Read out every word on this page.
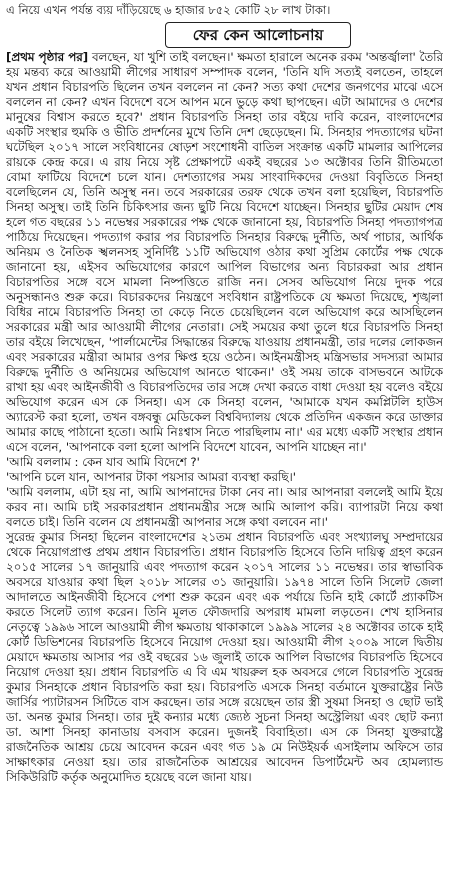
এ নিয়ে এখন পর্যন্ত ব্যয় দাঁড়িয়েছে ৬ হাজার ৮৫২ কোটি ২৮ লাখ টাকা।
ফের কেন আলোচনায়

[প্রথম পৃষ্ঠার পর] বলছেন, যা খুশি তাই বলছেন।' ক্ষমতা হারালে অনেক রকম 'অন্তর্জ্বালা' তৈরি হয় মন্তব্য করে আওয়ামী লীগের সাধারণ সম্পাদক বলেন, 'তিনি যদি সত্যই বলতেন, তাহলে যখন প্রধান বিচারপতি ছিলেন তখন বললেন না কেন? সত্য কথা দেশের জনগণের মাঝে এসে বললেন না কেন? এখন বিদেশে বসে আপন মনে ভুড়ে কথা ছাপছেন। এটা আমাদের ও দেশের মানুষের বিশ্বাস করতে হবে?' প্রধান বিচারপতি সিনহা তার বইয়ে দাবি করেন, বাংলাদেশের একটি সংস্থার হুমকি ও ভীতি প্রদর্শনের মুখে তিনি দেশ ছেড়েছেন। মি. সিনহার পদত্যাগের ঘটনা ঘটেছিল ২০১৭ সালে সংবিধানের ষোড়শ সংশোধনী বাতিল সংক্রান্ত একটি মামলার আপিলের রায়কে কেন্দ্র করে। এ রায় নিয়ে সৃষ্ট প্রেক্ষাপটে একই বছরের ১৩ অক্টোবর তিনি রীতিমতো বোমা ফাটিয়ে বিদেশে চলে যান। দেশত্যাগের সময় সাংবাদিকদের দেওয়া বিবৃতিতে সিনহা বলেছিলেন যে, তিনি অসুস্থ নন। তবে সরকারের তরফ থেকে তখন বলা হয়েছিল, বিচারপতি সিনহা অসুস্থ। তাই তিনি চিকিৎসার জন্য ছুটি নিয়ে বিদেশে যাচ্ছেন। সিনহার ছুটির মেয়াদ শেষ হলে গত বছরের ১১ নভেম্বর সরকারের পক্ষ থেকে জানানো হয়, বিচারপতি সিনহা পদত্যাগপত্র পাঠিয়ে দিয়েছেন। পদত্যাগ করার পর বিচারপতি সিনহার বিরুদ্ধে দুর্নীতি, অর্থ পাচার, আর্থিক অনিয়ম ও নৈতিক স্খলনসহ সুনির্দিষ্ট ১১টি অভিযোগ ওঠার কথা সুপ্রিম কোর্টের পক্ষ থেকে জানানো হয়, এইসব অভিযোগের কারণে আপিল বিভাগের অন্য বিচারকরা আর প্রধান বিচারপতির সঙ্গে বসে মামলা নিষ্পত্তিতে রাজি নন। সেসব অভিযোগ নিয়ে দুদক পরে অনুসন্ধানও শুরু করে। বিচারকদের নিয়ন্ত্রণে সংবিধান রাষ্ট্রপতিকে যে ক্ষমতা দিয়েছে, শৃঙ্খলা বিধির নামে বিচারপতি সিনহা তা কেড়ে নিতে চেয়েছিলেন বলে অভিযোগ করে আসছিলেন সরকারের মন্ত্রী আর আওয়ামী লীগের নেতারা। সেই সময়ের কথা তুলে ধরে বিচারপতি সিনহা তার বইয়ে লিখেছেন, 'পার্লামেন্টের সিদ্ধান্তের বিরুদ্ধে যাওয়ায় প্রধানমন্ত্রী, তার দলের লোকজন এবং সরকারের মন্ত্রীরা আমার ওপর ক্ষিপ্ত হয়ে ওঠেন। আইনমন্ত্রীসহ মন্ত্রিসভার সদস্যরা আমার বিরুদ্ধে দুর্নীতি ও অনিয়মের অভিযোগ আনতে থাকেন।' ওই সময় তাকে বাসভবনে আটকে রাখা হয় এবং আইনজীবী ও বিচারপতিদের তার সঙ্গে দেখা করতে বাধা দেওয়া হয় বলেও বইয়ে অভিযোগ করেন এস কে সিনহা। এস কে সিনহা বলেন, 'আমাকে যখন কমপ্লিটলি হাউস অ্যারেস্ট করা হলো, তখন বঙ্গবন্ধু মেডিকেল বিশ্ববিদ্যালয় থেকে প্রতিদিন একজন করে ডাক্তার আমার কাছে পাঠানো হতো। আমি নিঃশ্বাস নিতে পারছিলাম না।' এর মধ্যে একটি সংস্থার প্রধান এসে বলেন, 'আপনাকে বলা হলো আপনি বিদেশে যাবেন, আপনি যাচ্ছেন না।'

'আমি বললাম : কেন যাব আমি বিদেশে ?'

'আপনি চলে যান, আপনার টাকা পয়সার আমরা ব্যবস্থা করছি।'

'আমি বললাম, এটা হয় না, আমি আপনাদের টাকা নেব না। আর আপনারা বললেই আমি ইয়ে করব না। আমি চাই সরকারপ্রধান প্রধানমন্ত্রীর সঙ্গে আমি আলাপ করি। ব্যাপারটা নিয়ে কথা বলতে চাই। তিনি বলেন যে প্রধানমন্ত্রী আপনার সঙ্গে কথা বলবেন না।'

সুরেন্দ্র কুমার সিনহা ছিলেন বাংলাদেশের ২১তম প্রধান বিচারপতি এবং সংখ্যালঘু সম্প্রদায়ের থেকে নিয়োগপ্রাপ্ত প্রথম প্রধান বিচারপতি। প্রধান বিচারপতি হিসেবে তিনি দায়িত্ব গ্রহণ করেন ২০১৫ সালের ১৭ জানুয়ারি এবং পদত্যাগ করেন ২০১৭ সালের ১১ নভেম্বর। তার স্বাভাবিক অবসরে যাওয়ার কথা ছিল ২০১৮ সালের ৩১ জানুয়ারি। ১৯৭৪ সালে তিনি সিলেট জেলা আদালতে আইনজীবী হিসেবে পেশা শুরু করেন এবং এক পর্যায়ে তিনি হাই কোর্টে প্র্যাকটিস করতে সিলেট ত্যাগ করেন। তিনি মূলত ফৌজদারি অপরাধ মামলা লড়তেন। শেখ হাসিনার নেতৃত্বে ১৯৯৬ সালে আওয়ামী লীগ ক্ষমতায় থাকাকালে ১৯৯৯ সালের ২৪ অক্টোবর তাকে হাই কোর্ট ডিভিশনের বিচারপতি হিসেবে নিয়োগ দেওয়া হয়। আওয়ামী লীগ ২০০৯ সালে দ্বিতীয় মেয়াদে ক্ষমতায় আসার পর ওই বছরের ১৬ জুলাই তাকে আপিল বিভাগের বিচারপতি হিসেবে নিয়োগ দেওয়া হয়। প্রধান বিচারপতি এ বি এম খায়রুল হক অবসরে গেলে বিচারপতি সুরেন্দ্র কুমার সিনহাকে প্রধান বিচারপতি করা হয়। বিচারপতি এসকে সিনহা বর্তমানে যুক্তরাষ্ট্রের নিউ জার্সির প্যাটারসন সিটিতে বাস করছেন। তার সঙ্গে রয়েছেন তার স্ত্রী সুষমা সিনহা ও ছোট ভাই ডা. অনন্ত কুমার সিনহা। তার দুই কন্যার মধ্যে জ্যেষ্ঠ সুচনা সিনহা অস্ট্রেলিয়া এবং ছোট কন্যা ডা. আশা সিনহা কানাডায় বসবাস করেন। দুজনই বিবাহিতা। এস কে সিনহা যুক্তরাষ্ট্রে রাজনৈতিক আশ্রয় চেয়ে আবেদন করেন এবং গত ১৯ মে নিউইয়র্ক এসাইলাম অফিসে তার সাক্ষাৎকার নেওয়া হয়। তার রাজনৈতিক আশ্রয়ের আবেদন ডিপার্টমেন্ট অব হোমল্যান্ড সিকিউরিটি কর্তৃক অনুমোদিত হয়েছে বলে জানা যায়।
